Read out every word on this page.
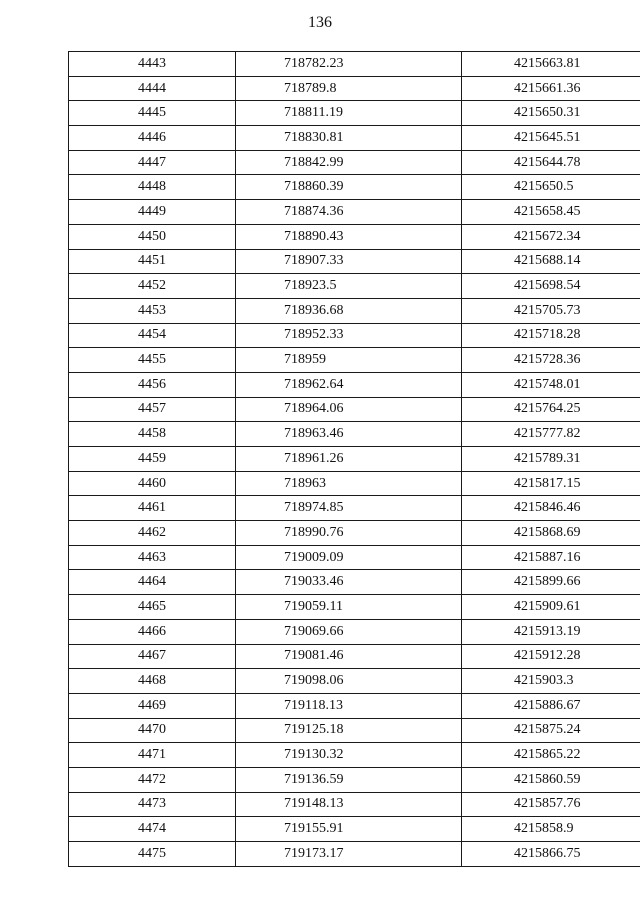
136
4443	718782.23	4215663.81
4444	718789.8	4215661.36
4445	718811.19	4215650.31
4446	718830.81	4215645.51
4447	718842.99	4215644.78
4448	718860.39	4215650.5
4449	718874.36	4215658.45
4450	718890.43	4215672.34
4451	718907.33	4215688.14
4452	718923.5	4215698.54
4453	718936.68	4215705.73
4454	718952.33	4215718.28
4455	718959	4215728.36
4456	718962.64	4215748.01
4457	718964.06	4215764.25
4458	718963.46	4215777.82
4459	718961.26	4215789.31
4460	718963	4215817.15
4461	718974.85	4215846.46
4462	718990.76	4215868.69
4463	719009.09	4215887.16
4464	719033.46	4215899.66
4465	719059.11	4215909.61
4466	719069.66	4215913.19
4467	719081.46	4215912.28
4468	719098.06	4215903.3
4469	719118.13	4215886.67
4470	719125.18	4215875.24
4471	719130.32	4215865.22
4472	719136.59	4215860.59
4473	719148.13	4215857.76
4474	719155.91	4215858.9
4475	719173.17	4215866.75
